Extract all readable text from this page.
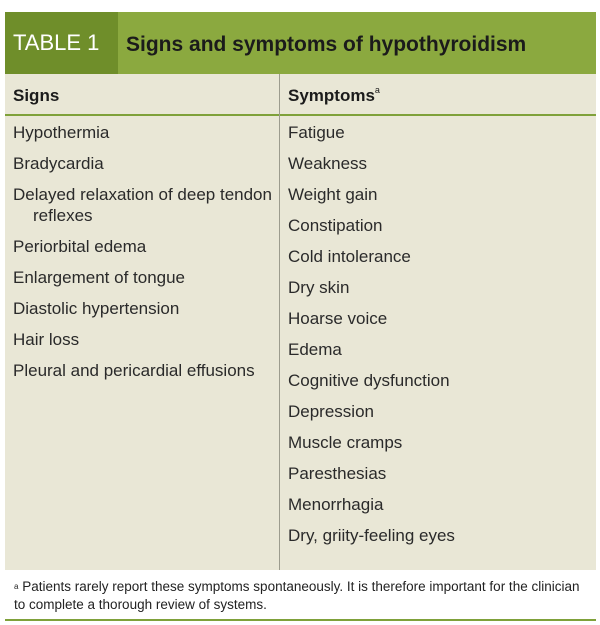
TABLE 1	Signs and symptoms of hypothyroidism
Signs	Symptoms$^a$
Hypothermia
Bradycardia
Delayed relaxation of deep tendon reflexes
Periorbital edema
Enlargement of tongue
Diastolic hypertension
Hair loss
Pleural and pericardial effusions
Fatigue
Weakness
Weight gain
Constipation
Cold intolerance
Dry skin
Hoarse voice
Edema
Cognitive dysfunction
Depression
Muscle cramps
Paresthesias
Menorrhagia
Dry, griity-feeling eyes
$^a$ Patients rarely report these symptoms spontaneously. It is therefore important for the clinician to complete a thorough review of systems.
